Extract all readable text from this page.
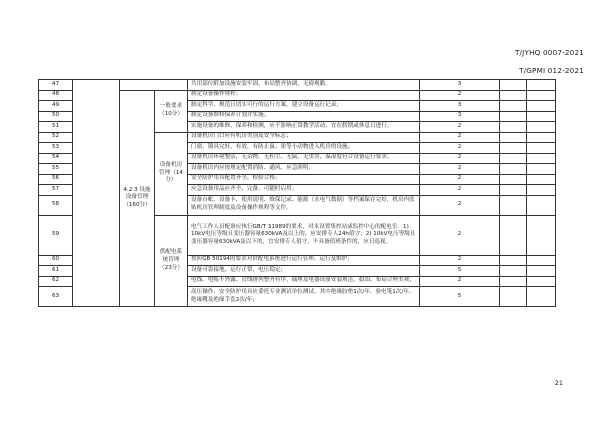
T/JYHQ 0007-2021
T/GPMI 012-2021
47				共用部位附加设施安装牢固，布局整齐协调，无碍观瞻。	3		
48		4.2.3 设施设备管理（160分）	一般要求（10分）	制定设备操作规程；	2		
49				制定科学、规范且切实可行的运行方案，建立设备运行记录；	3		
50				制定设备维修保养计划并实施；	3		
51				实施设备的维修、保养和检测，应不影响正常教学活动，宜在假期或休息日进行。	2		
52			设备机房管理（14分）	设备机房门口应有机房类别及安全标志；	2		
53				门窗、锁具完好，有效，有防止鼠、雀等小动物进入机房的设施；	2		
54				设备机房环境整洁，无杂物、无积尘、无鼠、无虫害，温湿度符合设备运行要求；	2		
55				设备机房内应按规定配置消防、通风、应急照明；	2		
56				安全防护用具配置齐全，检验合格；	2		
57				应急设备用品应齐全、完备，可随时启用；	2		
58				设备台帐、设备卡、使用说明、维保记录、能源（水电气数据）等档案保存完好，机房内张贴机房管理制度及设备操作规程等文件。	2		
59			供配电系统管理（23分）	电气工作人员配备应执行GB/T 31989的要求，对未设置集控站或监控中心的配电室：1) 10kV电压等级且变压器容量630kVA及以上的，应安排专人24h值守；2) 10kV电压等级且变压器容量630kVA及以下的，宜安排专人值守，不具备值班条件的，应日巡视。	2		
60				按照GB 50194的要求对供配电系统进行运行管理、运行及维护；	2		
61				设备可靠接地，运行正常，电压稳定；	5		
62				电线、电缆不外露、管线排列整齐有序，插座及电器设备安装规范，稳固、布局合理美观；	2		
63				高压操作、安全防护用具应委托专业测试单位测试，其中绝缘胶垫1次/年、验电笔1次/年、绝缘靴及绝缘手套2次/年；	5		
21
